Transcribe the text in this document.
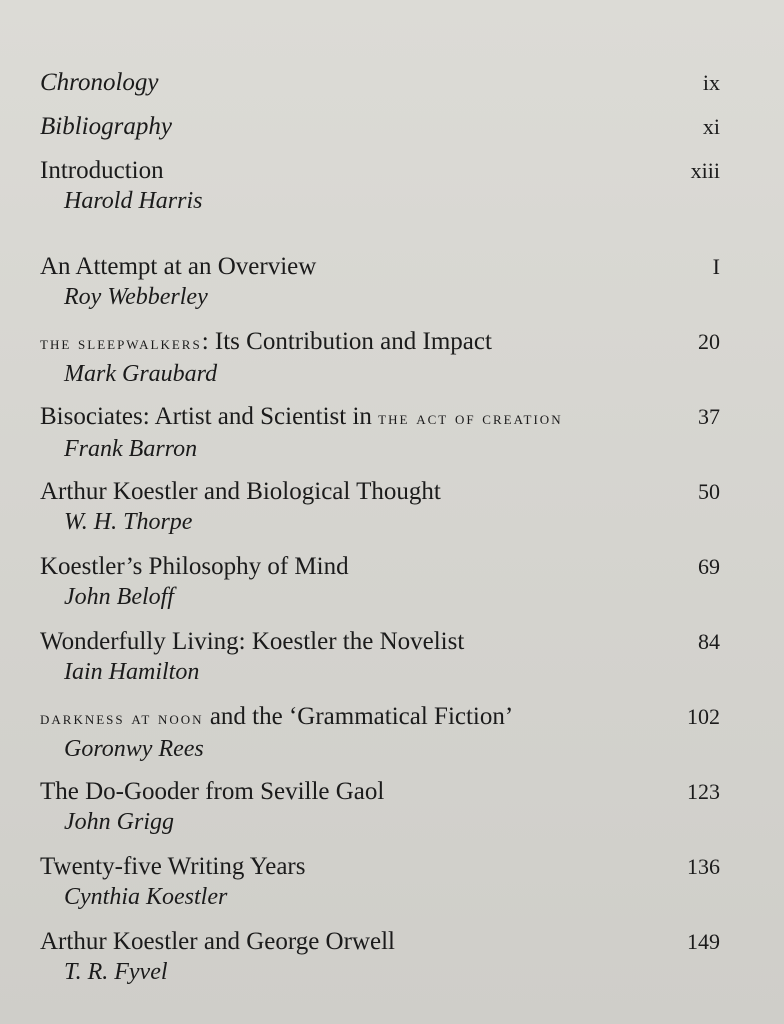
Chronology	ix
Bibliography	xi
Introduction	xiii
Harold Harris
An Attempt at an Overview	I
Roy Webberley
the sleepwalkers: Its Contribution and Impact	20
Mark Graubard
Bisociates: Artist and Scientist in the act of creation	37
Frank Barron
Arthur Koestler and Biological Thought	50
W. H. Thorpe
Koestler’s Philosophy of Mind	69
John Beloff
Wonderfully Living: Koestler the Novelist	84
Iain Hamilton
darkness at noon and the ‘Grammatical Fiction’	102
Goronwy Rees
The Do-Gooder from Seville Gaol	123
John Grigg
Twenty-five Writing Years	136
Cynthia Koestler
Arthur Koestler and George Orwell	149
T. R. Fyvel
